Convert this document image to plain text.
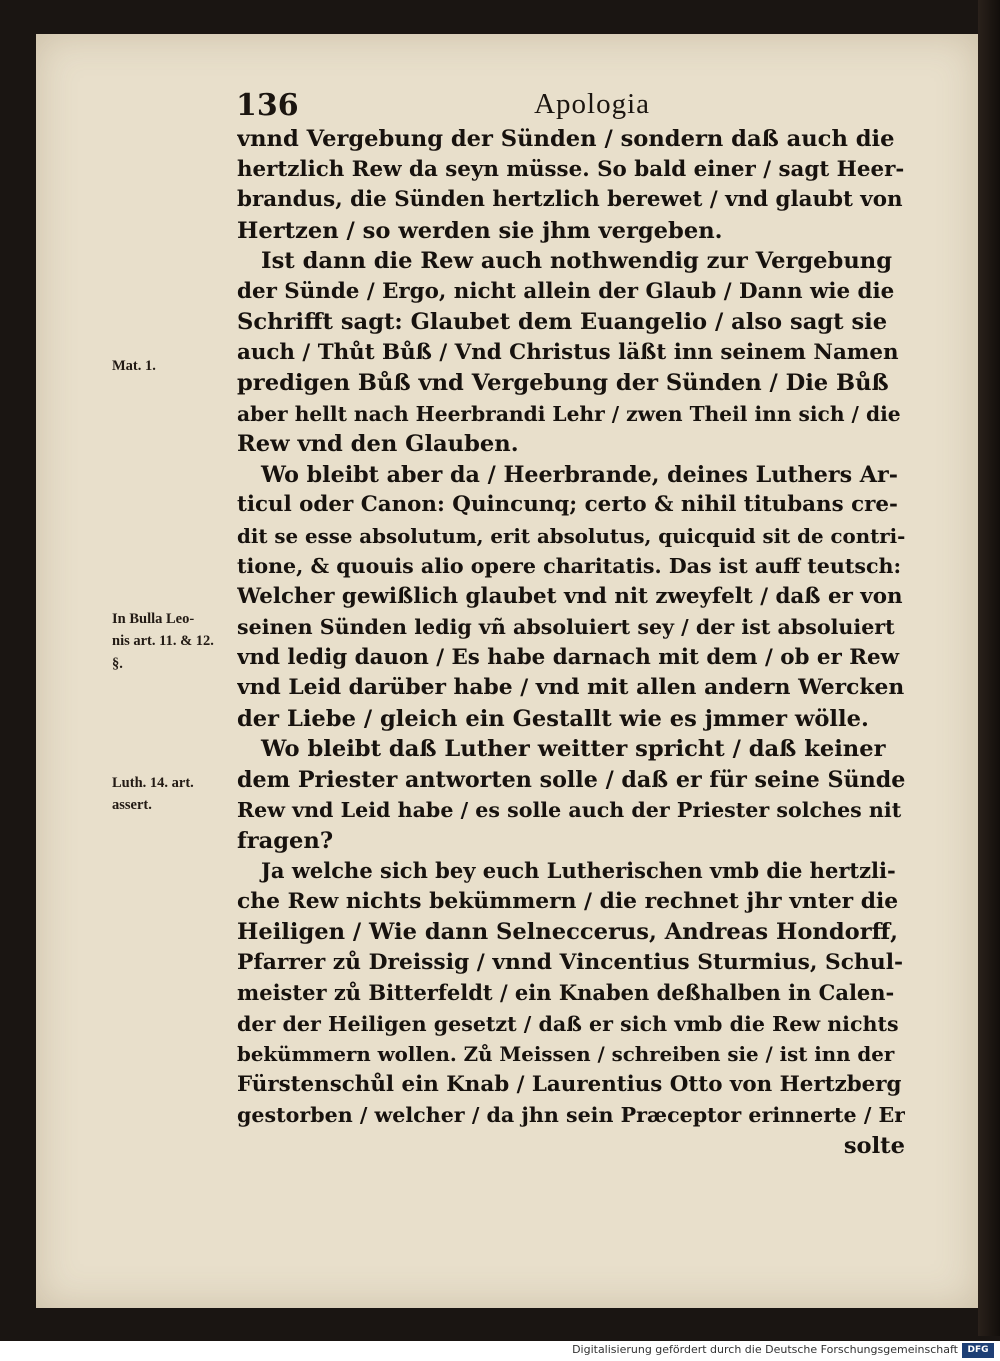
136	Apologia
Mat. 1.
In Bulla Leo-
nis art. 11. & 12.
§.
Luth. 14. art.
assert.
vnnd Vergebung der Sünden / sondern daß auch die
hertzlich Rew da seyn müsse. So bald einer / sagt Heer-
brandus, die Sünden hertzlich berewet / vnd glaubt von
Hertzen / so werden sie jhm vergeben.
Ist dann die Rew auch nothwendig zur Vergebung
der Sünde / Ergo, nicht allein der Glaub / Dann wie die
Schrifft sagt: Glaubet dem Euangelio / also sagt sie
auch / Thůt Bůß / Vnd Christus läßt inn seinem Namen
predigen Bůß vnd Vergebung der Sünden / Die Bůß
aber hellt nach Heerbrandi Lehr / zwen Theil inn sich / die
Rew vnd den Glauben.
Wo bleibt aber da / Heerbrande, deines Luthers Ar-
ticul oder Canon: Quincunq; certo & nihil titubans cre-
dit se esse absolutum, erit absolutus, quicquid sit de contri-
tione, & quouis alio opere charitatis. Das ist auff teutsch:
Welcher gewißlich glaubet vnd nit zweyfelt / daß er von
seinen Sünden ledig vñ absoluiert sey / der ist absoluiert
vnd ledig dauon / Es habe darnach mit dem / ob er Rew
vnd Leid darüber habe / vnd mit allen andern Wercken
der Liebe / gleich ein Gestallt wie es jmmer wölle.
Wo bleibt daß Luther weitter spricht / daß keiner
dem Priester antworten solle / daß er für seine Sünde
Rew vnd Leid habe / es solle auch der Priester solches nit
fragen?
Ja welche sich bey euch Lutherischen vmb die hertzli-
che Rew nichts bekümmern / die rechnet jhr vnter die
Heiligen / Wie dann Selneccerus, Andreas Hondorff,
Pfarrer zů Dreissig / vnnd Vincentius Sturmius, Schul-
meister zů Bitterfeldt / ein Knaben deßhalben in Calen-
der der Heiligen gesetzt / daß er sich vmb die Rew nichts
bekümmern wollen. Zů Meissen / schreiben sie / ist inn der
Fürstenschůl ein Knab / Laurentius Otto von Hertzberg
gestorben / welcher / da jhn sein Præceptor erinnerte / Er
solte
Digitalisierung gefördert durch die Deutsche Forschungsgemeinschaft	DFG
